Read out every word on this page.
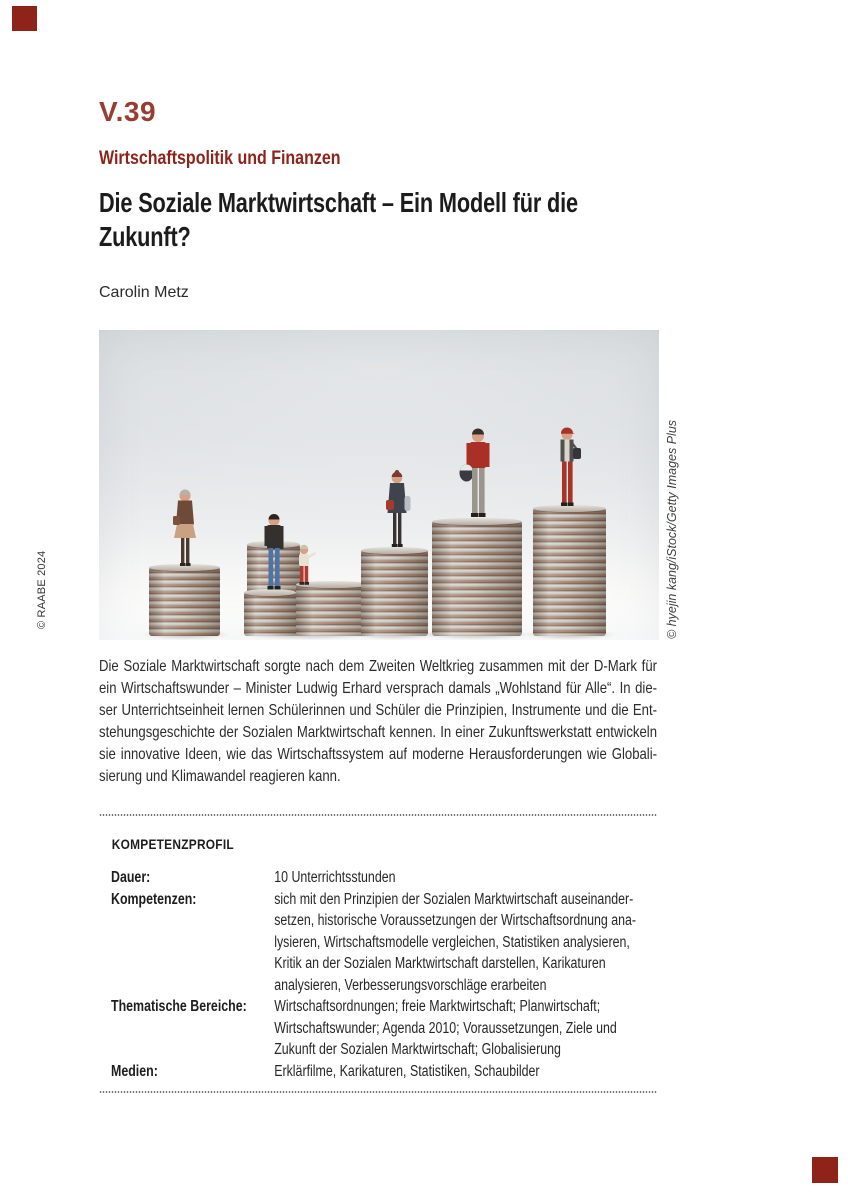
© RAABE 2024	© hyejin kang/iStock/Getty Images Plus
V.39
Wirtschaftspolitik und Finanzen
Die Soziale Marktwirtschaft – Ein Modell für die
Zukunft?
Carolin Metz
Die Soziale Marktwirtschaft sorgte nach dem Zweiten Weltkrieg zusammen mit der D-Mark für
ein Wirtschaftswunder – Minister Ludwig Erhard versprach damals „Wohlstand für Alle“. In die-
ser Unterrichtseinheit lernen Schülerinnen und Schüler die Prinzipien, Instrumente und die Ent-
stehungsgeschichte der Sozialen Marktwirtschaft kennen. In einer Zukunftswerkstatt entwickeln
sie innovative Ideen, wie das Wirtschaftssystem auf moderne Herausforderungen wie Globali-
sierung und Klimawandel reagieren kann.
KOMPETENZPROFIL
Dauer:	10 Unterrichtsstunden
Kompetenzen:	sich mit den Prinzipien der Sozialen Marktwirtschaft auseinander-
setzen, historische Voraussetzungen der Wirtschaftsordnung ana-
lysieren, Wirtschaftsmodelle vergleichen, Statistiken analysieren,
Kritik an der Sozialen Marktwirtschaft darstellen, Karikaturen
analysieren, Verbesserungsvorschläge erarbeiten
Thematische Bereiche:	Wirtschaftsordnungen; freie Marktwirtschaft; Planwirtschaft;
Wirtschaftswunder; Agenda 2010; Voraussetzungen, Ziele und
Zukunft der Sozialen Marktwirtschaft; Globalisierung
Medien:	Erklärfilme, Karikaturen, Statistiken, Schaubilder
